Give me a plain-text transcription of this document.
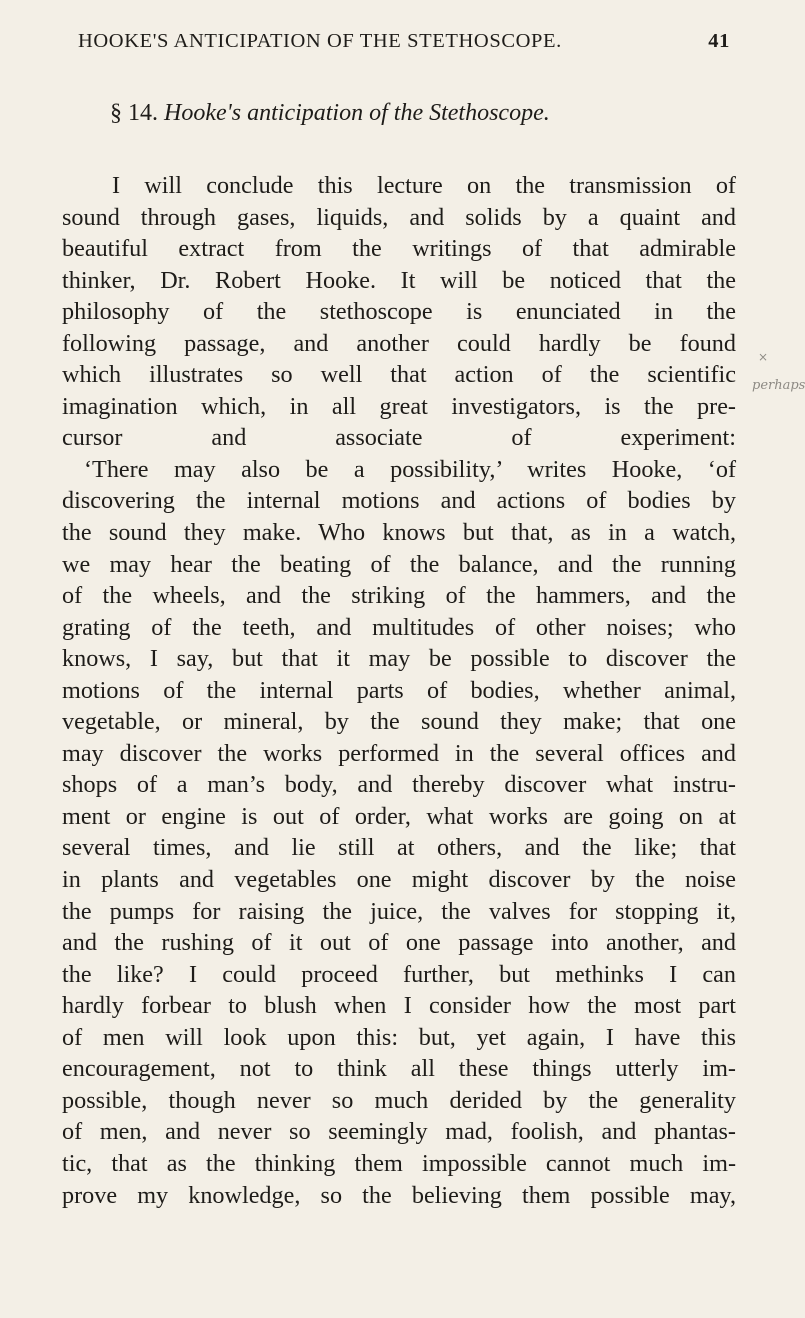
HOOKE'S ANTICIPATION OF THE STETHOSCOPE.	41
§ 14. Hooke's anticipation of the Stethoscope.
I will conclude this lecture on the transmission of
sound through gases, liquids, and solids by a quaint and
beautiful extract from the writings of that admirable
thinker, Dr. Robert Hooke. It will be noticed that the
philosophy of the stethoscope is enunciated in the
following passage, and another could hardly be found
which illustrates so well that action of the scientific
imagination which, in all great investigators, is the pre-
cursor and associate of experiment:
‘There may also be a possibility,’ writes Hooke, ‘of
discovering the internal motions and actions of bodies by
the sound they make. Who knows but that, as in a watch,
we may hear the beating of the balance, and the running
of the wheels, and the striking of the hammers, and the
grating of the teeth, and multitudes of other noises; who
knows, I say, but that it may be possible to discover the
motions of the internal parts of bodies, whether animal,
vegetable, or mineral, by the sound they make; that one
may discover the works performed in the several offices and
shops of a man’s body, and thereby discover what instru-
ment or engine is out of order, what works are going on at
several times, and lie still at others, and the like; that
in plants and vegetables one might discover by the noise
the pumps for raising the juice, the valves for stopping it,
and the rushing of it out of one passage into another, and
the like? I could proceed further, but methinks I can
hardly forbear to blush when I consider how the most part
of men will look upon this: but, yet again, I have this
encouragement, not to think all these things utterly im-
possible, though never so much derided by the generality
of men, and never so seemingly mad, foolish, and phantas-
tic, that as the thinking them impossible cannot much im-
prove my knowledge, so the believing them possible may,
×
perhaps
